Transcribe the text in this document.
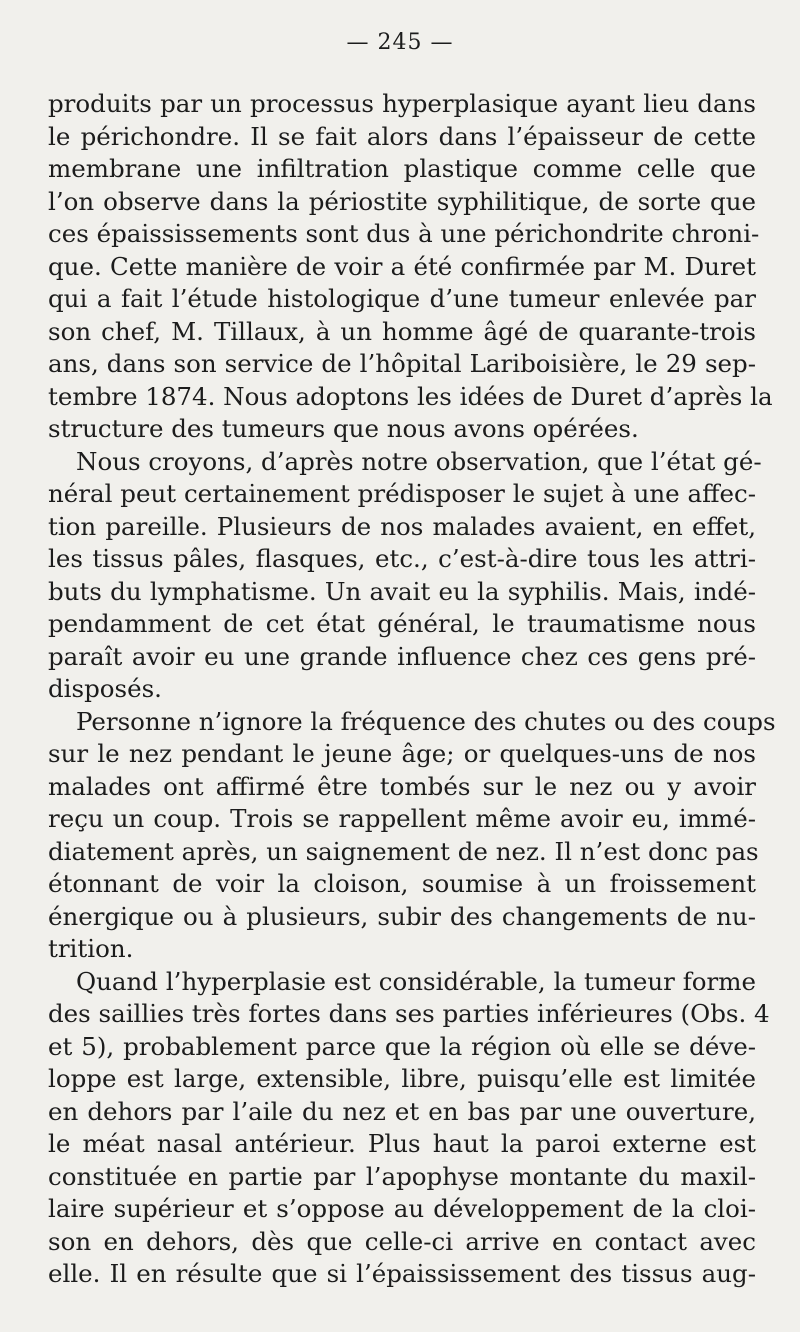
— 245 —
produits par un processus hyperplasique ayant lieu dans
le périchondre. Il se fait alors dans l’épaisseur de cette
membrane une infiltration plastique comme celle que
l’on observe dans la périostite syphilitique, de sorte que
ces épaississements sont dus à une périchondrite chroni-
que. Cette manière de voir a été confirmée par M. Duret
qui a fait l’étude histologique d’une tumeur enlevée par
son chef, M. Tillaux, à un homme âgé de quarante-trois
ans, dans son service de l’hôpital Lariboisière, le 29 sep-
tembre 1874. Nous adoptons les idées de Duret d’après la
structure des tumeurs que nous avons opérées.
Nous croyons, d’après notre observation, que l’état gé-
néral peut certainement prédisposer le sujet à une affec-
tion pareille. Plusieurs de nos malades avaient, en effet,
les tissus pâles, flasques, etc., c’est-à-dire tous les attri-
buts du lymphatisme. Un avait eu la syphilis. Mais, indé-
pendamment de cet état général, le traumatisme nous
paraît avoir eu une grande influence chez ces gens pré-
disposés.
Personne n’ignore la fréquence des chutes ou des coups
sur le nez pendant le jeune âge; or quelques-uns de nos
malades ont affirmé être tombés sur le nez ou y avoir
reçu un coup. Trois se rappellent même avoir eu, immé-
diatement après, un saignement de nez. Il n’est donc pas
étonnant de voir la cloison, soumise à un froissement
énergique ou à plusieurs, subir des changements de nu-
trition.
Quand l’hyperplasie est considérable, la tumeur forme
des saillies très fortes dans ses parties inférieures (Obs. 4
et 5), probablement parce que la région où elle se déve-
loppe est large, extensible, libre, puisqu’elle est limitée
en dehors par l’aile du nez et en bas par une ouverture,
le méat nasal antérieur. Plus haut la paroi externe est
constituée en partie par l’apophyse montante du maxil-
laire supérieur et s’oppose au développement de la cloi-
son en dehors, dès que celle-ci arrive en contact avec
elle. Il en résulte que si l’épaississement des tissus aug-
